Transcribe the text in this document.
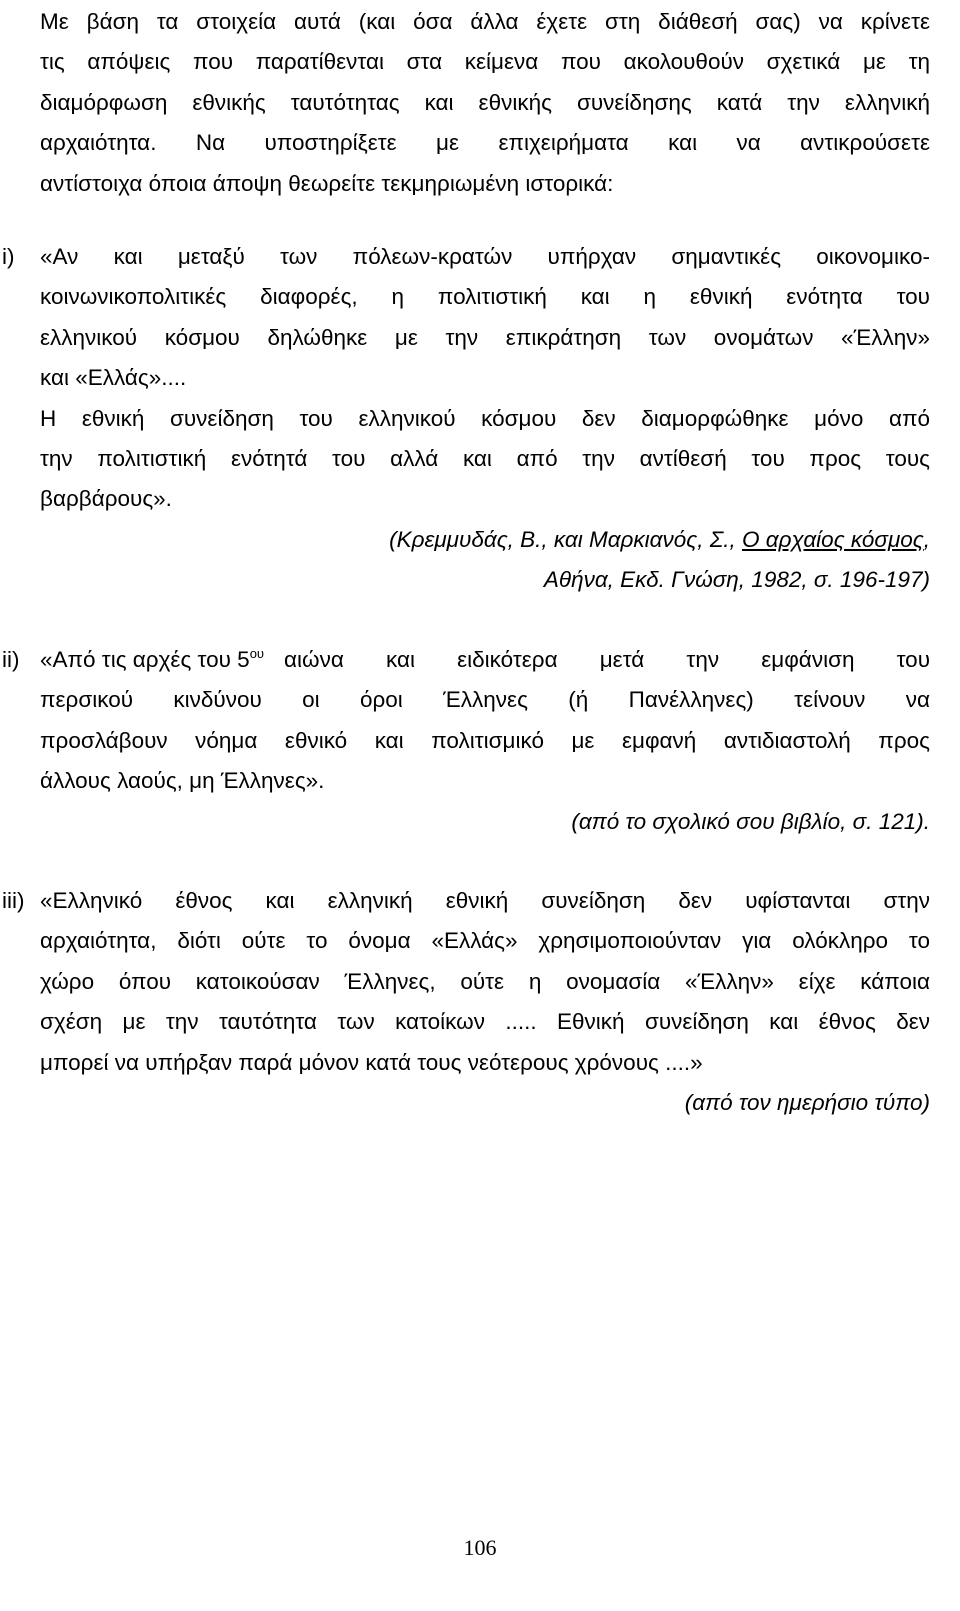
Με βάση τα στοιχεία αυτά (και όσα άλλα έχετε στη διάθεσή σας) να κρίνετε
τις απόψεις που παρατίθενται στα κείμενα που ακολουθούν σχετικά με τη
διαμόρφωση εθνικής ταυτότητας και εθνικής συνείδησης κατά την ελληνική
αρχαιότητα. Να υποστηρίξετε με επιχειρήματα και να αντικρούσετε
αντίστοιχα όποια άποψη θεωρείτε τεκμηριωμένη ιστορικά:
i) «Αν και μεταξύ των πόλεων-κρατών υπήρχαν σημαντικές οικονομικο-
κοινωνικοπολιτικές διαφορές, η πολιτιστική και η εθνική ενότητα του
ελληνικού κόσμου δηλώθηκε με την επικράτηση των ονομάτων «Έλλην»
και «Ελλάς»....
Η εθνική συνείδηση του ελληνικού κόσμου δεν διαμορφώθηκε μόνο από
την πολιτιστική ενότητά του αλλά και από την αντίθεσή του προς τους
βαρβάρους».
(Κρεμμυδάς, Β., και Μαρκιανός, Σ., Ο αρχαίος κόσμος,
Αθήνα, Εκδ. Γνώση, 1982, σ. 196-197)
ii) «Από τις αρχές του $5^{o\upsilon}$ αιώνα και ειδικότερα μετά την εμφάνιση του
περσικού κινδύνου οι όροι Έλληνες (ή Πανέλληνες) τείνουν να
προσλάβουν νόημα εθνικό και πολιτισμικό με εμφανή αντιδιαστολή προς
άλλους λαούς, μη Έλληνες».
(από το σχολικό σου βιβλίο, σ. 121).
iii) «Ελληνικό έθνος και ελληνική εθνική συνείδηση δεν υφίστανται στην
αρχαιότητα, διότι ούτε το όνομα «Ελλάς» χρησιμοποιούνταν για ολόκληρο το
χώρο όπου κατοικούσαν Έλληνες, ούτε η ονομασία «Έλλην» είχε κάποια
σχέση με την ταυτότητα των κατοίκων ..... Εθνική συνείδηση και έθνος δεν
μπορεί να υπήρξαν παρά μόνον κατά τους νεότερους χρόνους ....»
(από τον ημερήσιο τύπο)
106
